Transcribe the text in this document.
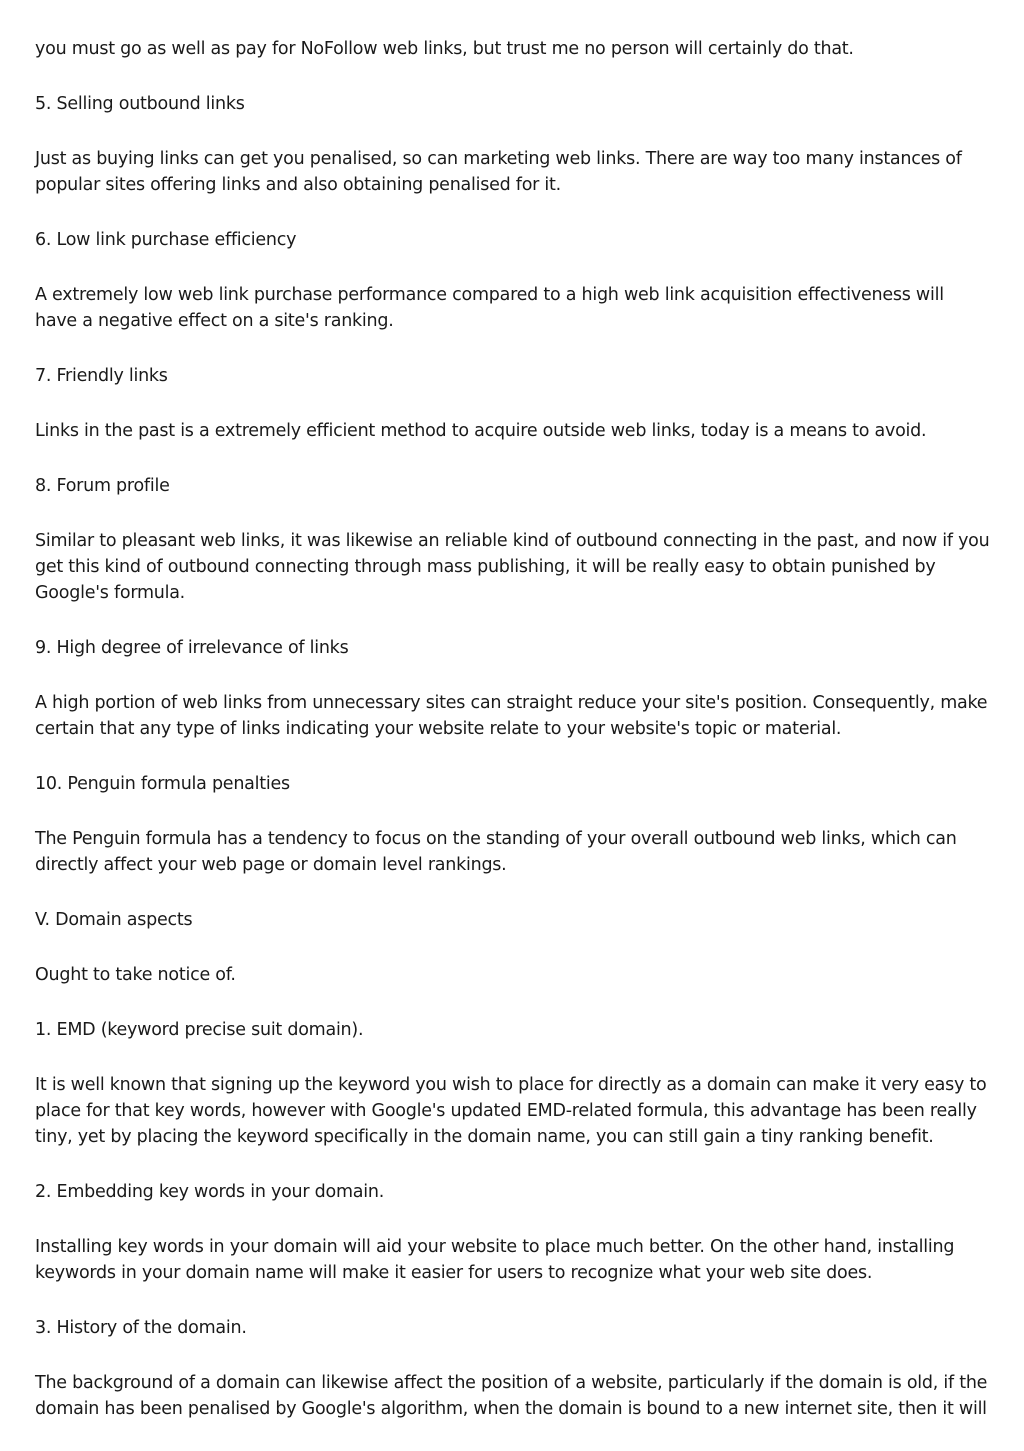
you must go as well as pay for NoFollow web links, but trust me no person will certainly do that.

5. Selling outbound links

Just as buying links can get you penalised, so can marketing web links. There are way too many instances of popular sites offering links and also obtaining penalised for it.

6. Low link purchase efficiency

A extremely low web link purchase performance compared to a high web link acquisition effectiveness will have a negative effect on a site's ranking.

7. Friendly links

Links in the past is a extremely efficient method to acquire outside web links, today is a means to avoid.

8. Forum profile

Similar to pleasant web links, it was likewise an reliable kind of outbound connecting in the past, and now if you get this kind of outbound connecting through mass publishing, it will be really easy to obtain punished by Google's formula.

9. High degree of irrelevance of links

A high portion of web links from unnecessary sites can straight reduce your site's position. Consequently, make certain that any type of links indicating your website relate to your website's topic or material.

10. Penguin formula penalties

The Penguin formula has a tendency to focus on the standing of your overall outbound web links, which can directly affect your web page or domain level rankings.

V. Domain aspects

Ought to take notice of.

1. EMD (keyword precise suit domain).

It is well known that signing up the keyword you wish to place for directly as a domain can make it very easy to place for that key words, however with Google's updated EMD-related formula, this advantage has been really tiny, yet by placing the keyword specifically in the domain name, you can still gain a tiny ranking benefit.

2. Embedding key words in your domain.

Installing key words in your domain will aid your website to place much better. On the other hand, installing keywords in your domain name will make it easier for users to recognize what your web site does.

3. History of the domain.

The background of a domain can likewise affect the position of a website, particularly if the domain is old, if the domain has been penalised by Google's algorithm, when the domain is bound to a new internet site, then it will
